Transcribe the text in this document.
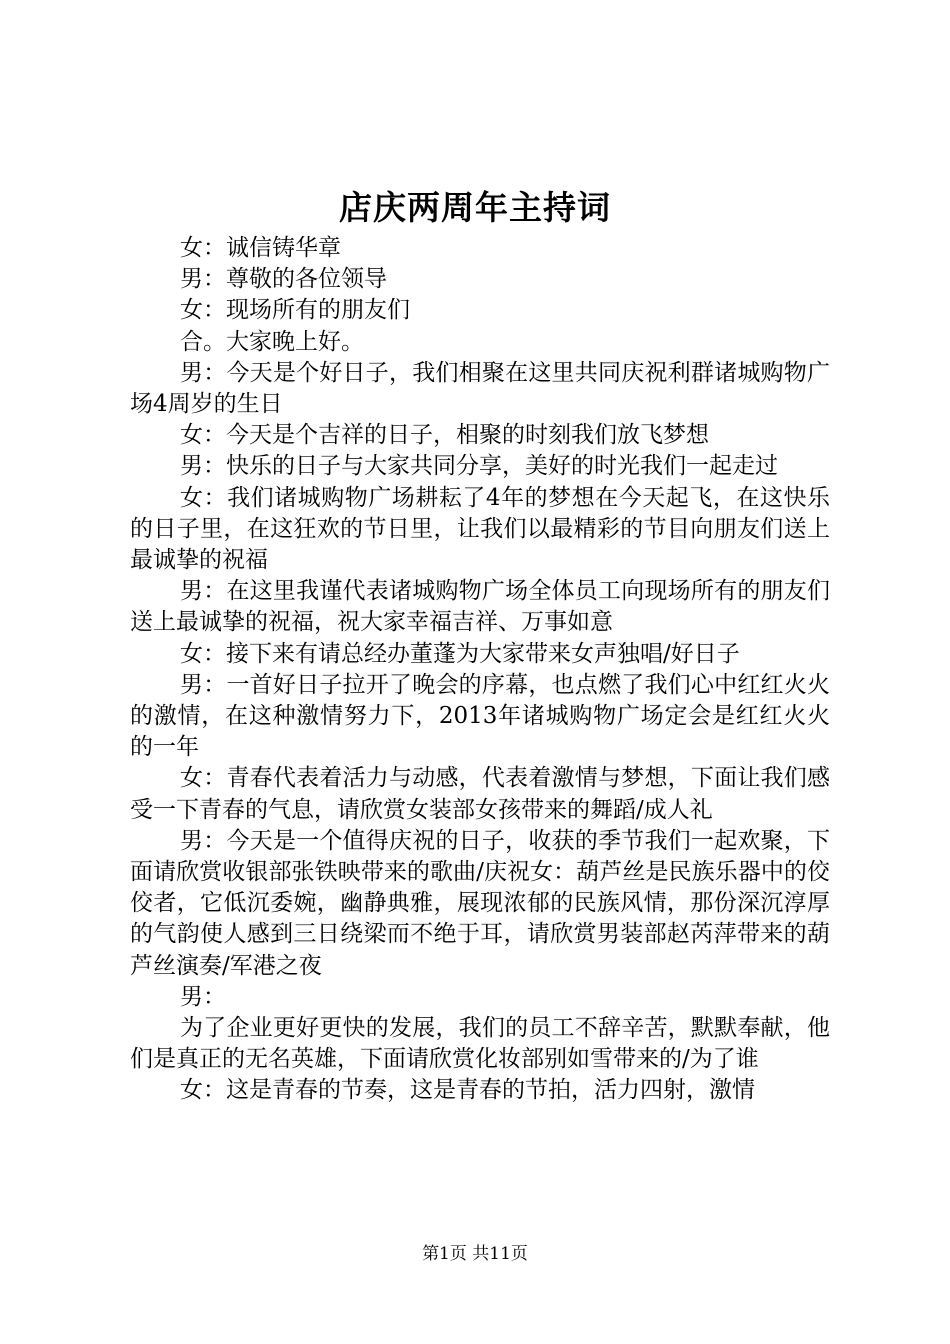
店庆两周年主持词

女：诚信铸华章

男：尊敬的各位领导

女：现场所有的朋友们

合。大家晚上好。

男：今天是个好日子，我们相聚在这里共同庆祝利群诸城购物广场4周岁的生日

女：今天是个吉祥的日子，相聚的时刻我们放飞梦想

男：快乐的日子与大家共同分享，美好的时光我们一起走过

女：我们诸城购物广场耕耘了4年的梦想在今天起飞，在这快乐的日子里，在这狂欢的节日里，让我们以最精彩的节目向朋友们送上最诚挚的祝福

男：在这里我谨代表诸城购物广场全体员工向现场所有的朋友们送上最诚挚的祝福，祝大家幸福吉祥、万事如意

女：接下来有请总经办董蓬为大家带来女声独唱/好日子

男：一首好日子拉开了晚会的序幕，也点燃了我们心中红红火火的激情，在这种激情努力下，2013年诸城购物广场定会是红红火火的一年

女：青春代表着活力与动感，代表着激情与梦想，下面让我们感受一下青春的气息，请欣赏女装部女孩带来的舞蹈/成人礼

男：今天是一个值得庆祝的日子，收获的季节我们一起欢聚，下面请欣赏收银部张铁映带来的歌曲/庆祝女：葫芦丝是民族乐器中的佼佼者，它低沉委婉，幽静典雅，展现浓郁的民族风情，那份深沉淳厚的气韵使人感到三日绕梁而不绝于耳，请欣赏男装部赵芮萍带来的葫芦丝演奏/军港之夜

男：

为了企业更好更快的发展，我们的员工不辞辛苦，默默奉献，他们是真正的无名英雄，下面请欣赏化妆部别如雪带来的/为了谁

女：这是青春的节奏，这是青春的节拍，活力四射，激情

第1页 共11页
